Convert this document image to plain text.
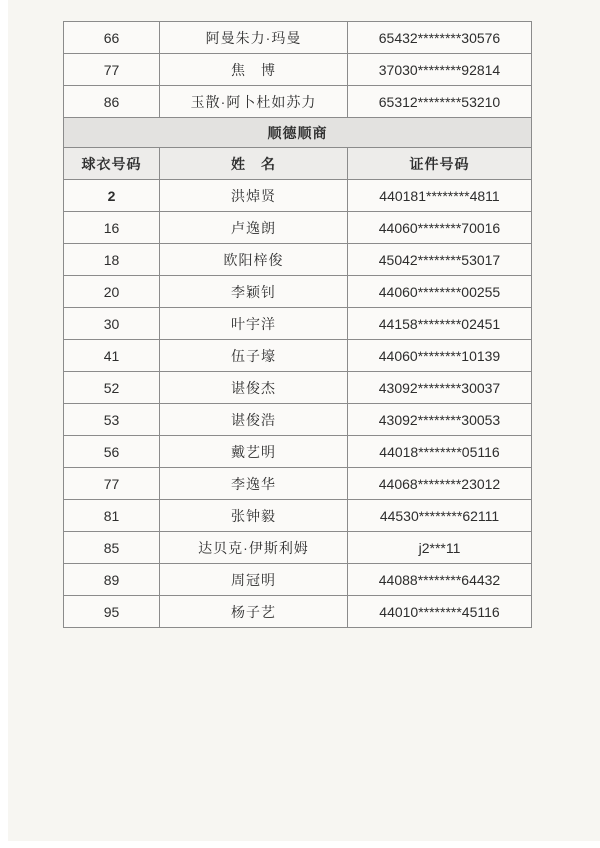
66	阿曼朱力·玛曼	65432********30576
77	焦　博	37030********92814
86	玉散·阿卜杜如苏力	65312********53210
顺德顺商		
球衣号码	姓　名	证件号码
2	洪焯贤	440181********4811
16	卢逸朗	44060********70016
18	欧阳梓俊	45042********53017
20	李颖钊	44060********00255
30	叶宇洋	44158********02451
41	伍子壕	44060********10139
52	谌俊杰	43092********30037
53	谌俊浩	43092********30053
56	戴艺明	44018********05116
77	李逸华	44068********23012
81	张钟毅	44530********62111
85	达贝克·伊斯利姆	j2***11
89	周冠明	44088********64432
95	杨子艺	44010********45116
